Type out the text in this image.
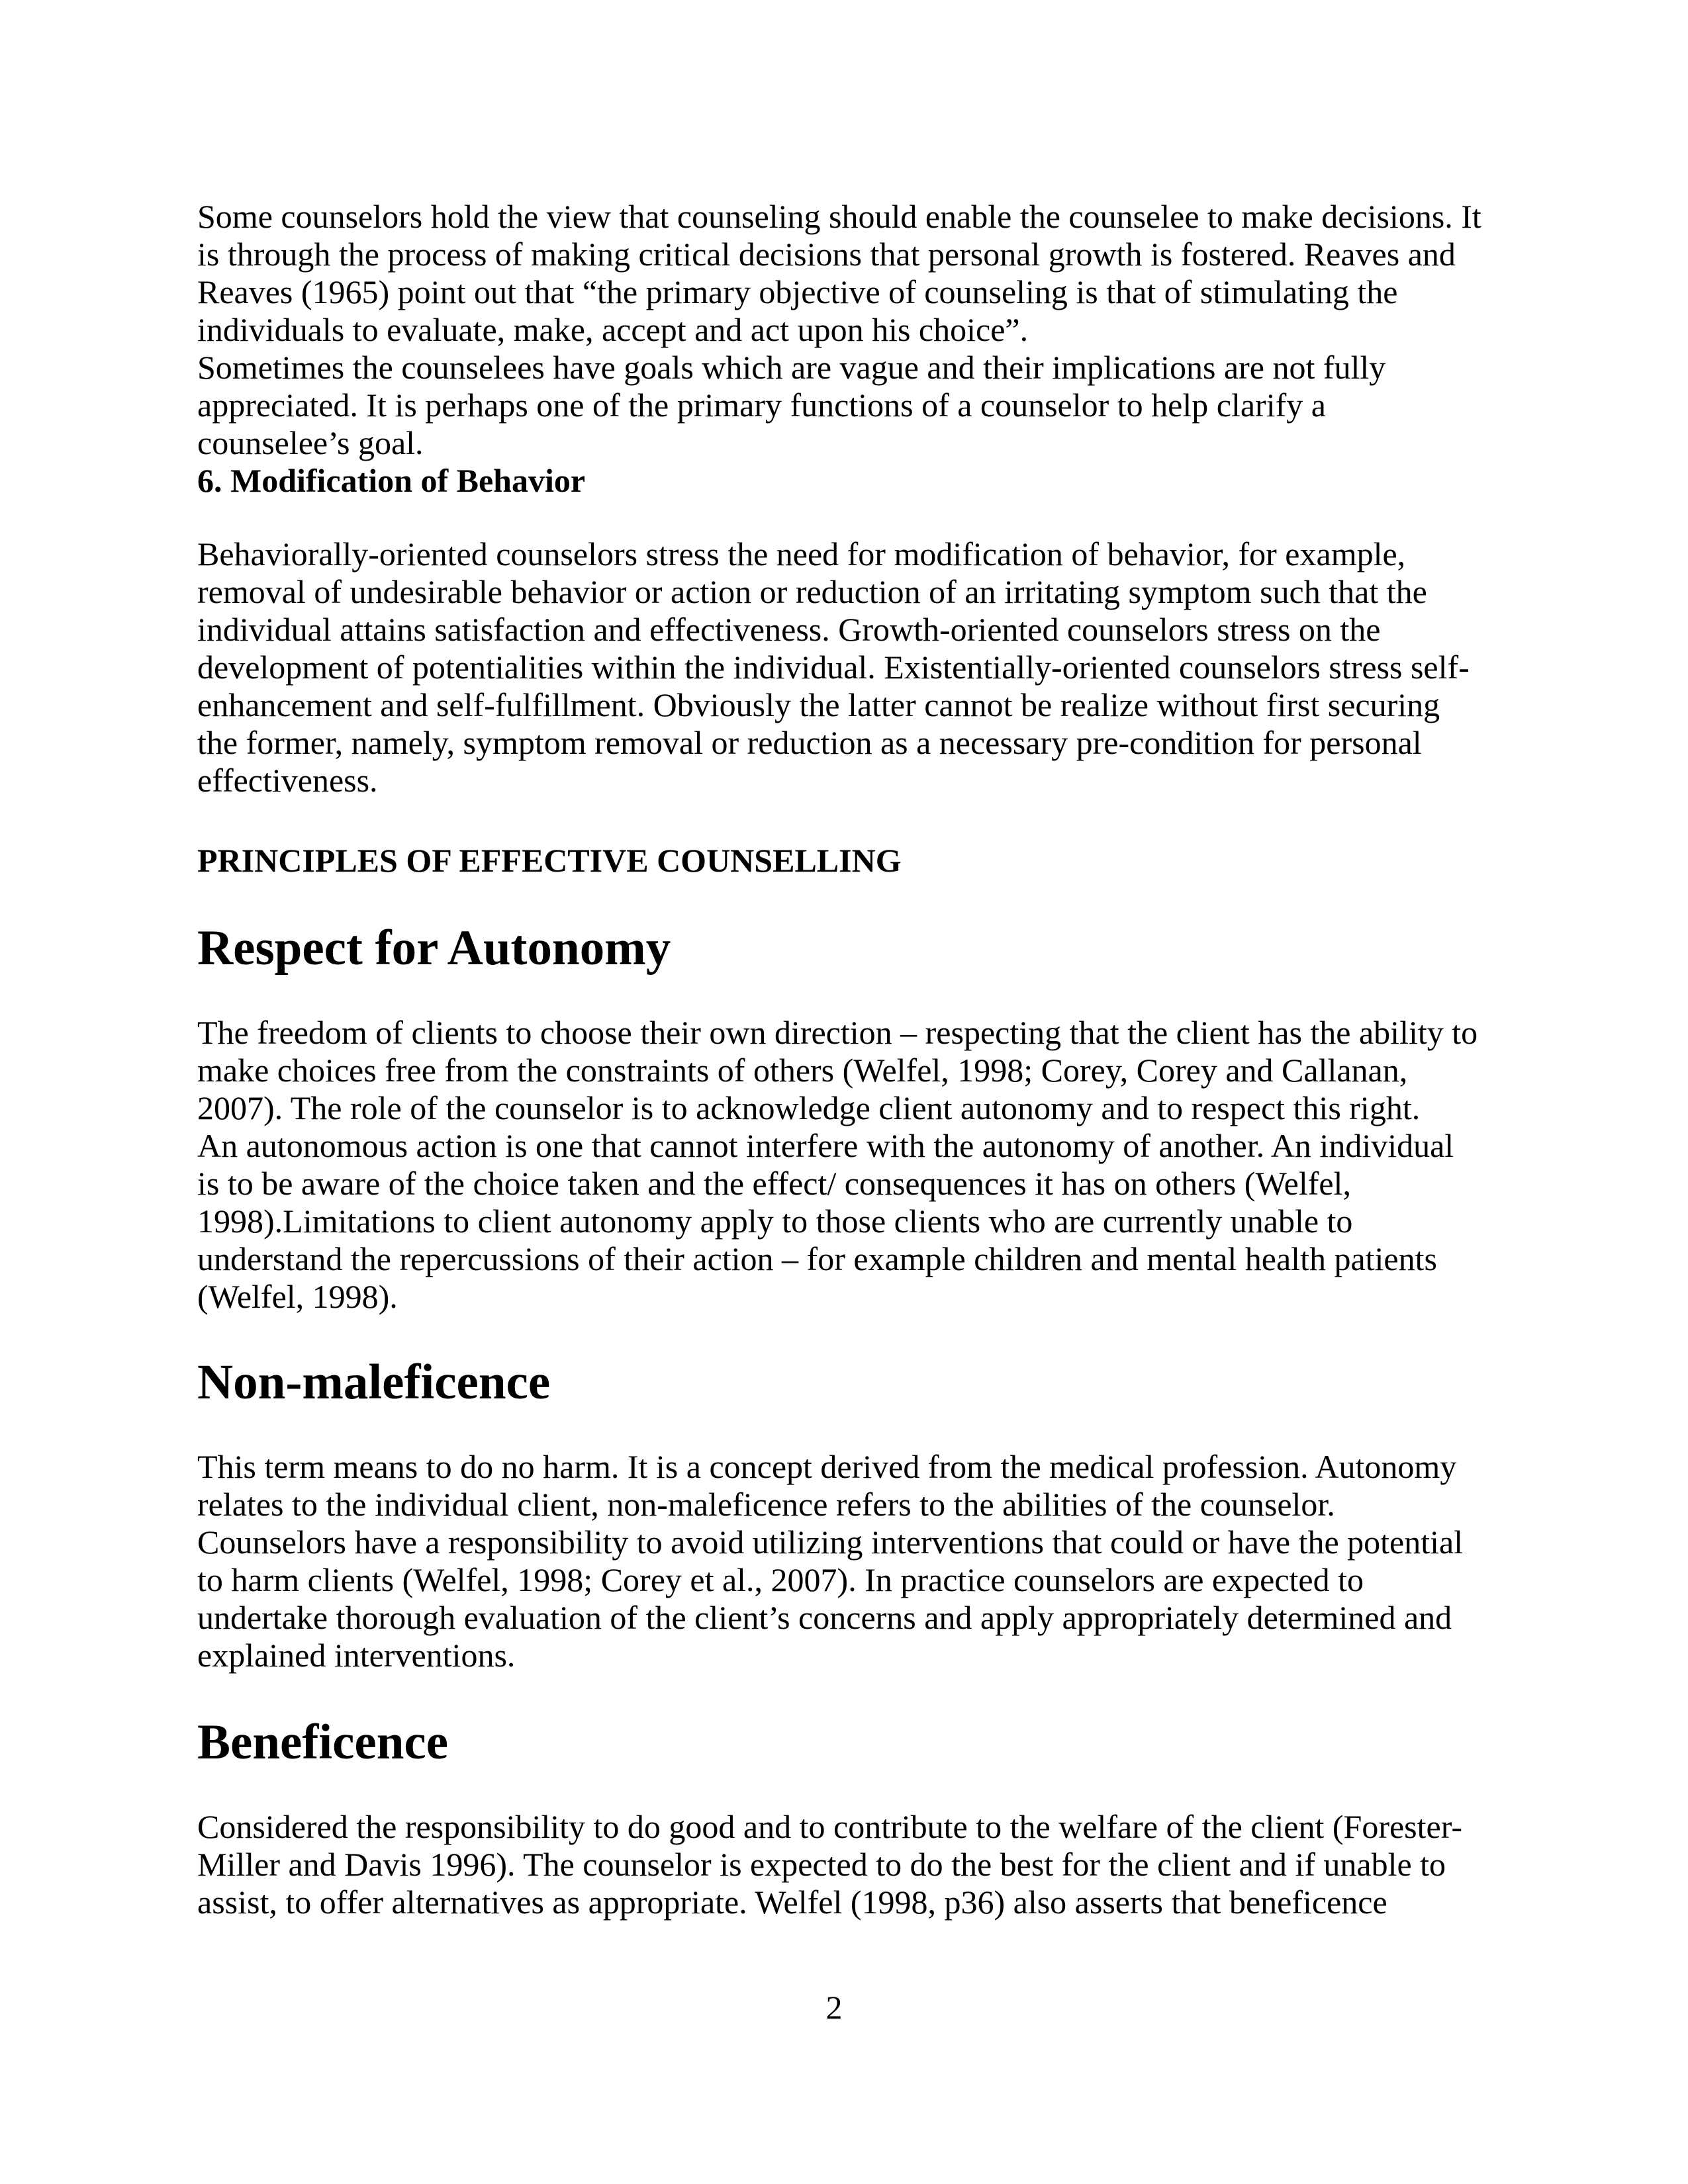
Some counselors hold the view that counseling should enable the counselee to make decisions. It
is through the process of making critical decisions that personal growth is fostered. Reaves and
Reaves (1965) point out that “the primary objective of counseling is that of stimulating the
individuals to evaluate, make, accept and act upon his choice”.
Sometimes the counselees have goals which are vague and their implications are not fully
appreciated. It is perhaps one of the primary functions of a counselor to help clarify a
counselee’s goal.
6. Modification of Behavior
Behaviorally-oriented counselors stress the need for modification of behavior, for example,
removal of undesirable behavior or action or reduction of an irritating symptom such that the
individual attains satisfaction and effectiveness. Growth-oriented counselors stress on the
development of potentialities within the individual. Existentially-oriented counselors stress self-
enhancement and self-fulfillment. Obviously the latter cannot be realize without first securing
the former, namely, symptom removal or reduction as a necessary pre-condition for personal
effectiveness.
PRINCIPLES OF EFFECTIVE COUNSELLING
Respect for Autonomy
The freedom of clients to choose their own direction – respecting that the client has the ability to
make choices free from the constraints of others (Welfel, 1998; Corey, Corey and Callanan,
2007). The role of the counselor is to acknowledge client autonomy and to respect this right.
An autonomous action is one that cannot interfere with the autonomy of another. An individual
is to be aware of the choice taken and the effect/ consequences it has on others (Welfel,
1998).Limitations to client autonomy apply to those clients who are currently unable to
understand the repercussions of their action – for example children and mental health patients
(Welfel, 1998).
Non-maleficence
This term means to do no harm. It is a concept derived from the medical profession. Autonomy
relates to the individual client, non-maleficence refers to the abilities of the counselor.
Counselors have a responsibility to avoid utilizing interventions that could or have the potential
to harm clients (Welfel, 1998; Corey et al., 2007). In practice counselors are expected to
undertake thorough evaluation of the client’s concerns and apply appropriately determined and
explained interventions.
Beneficence
Considered the responsibility to do good and to contribute to the welfare of the client (Forester-
Miller and Davis 1996). The counselor is expected to do the best for the client and if unable to
assist, to offer alternatives as appropriate. Welfel (1998, p36) also asserts that beneficence
2
